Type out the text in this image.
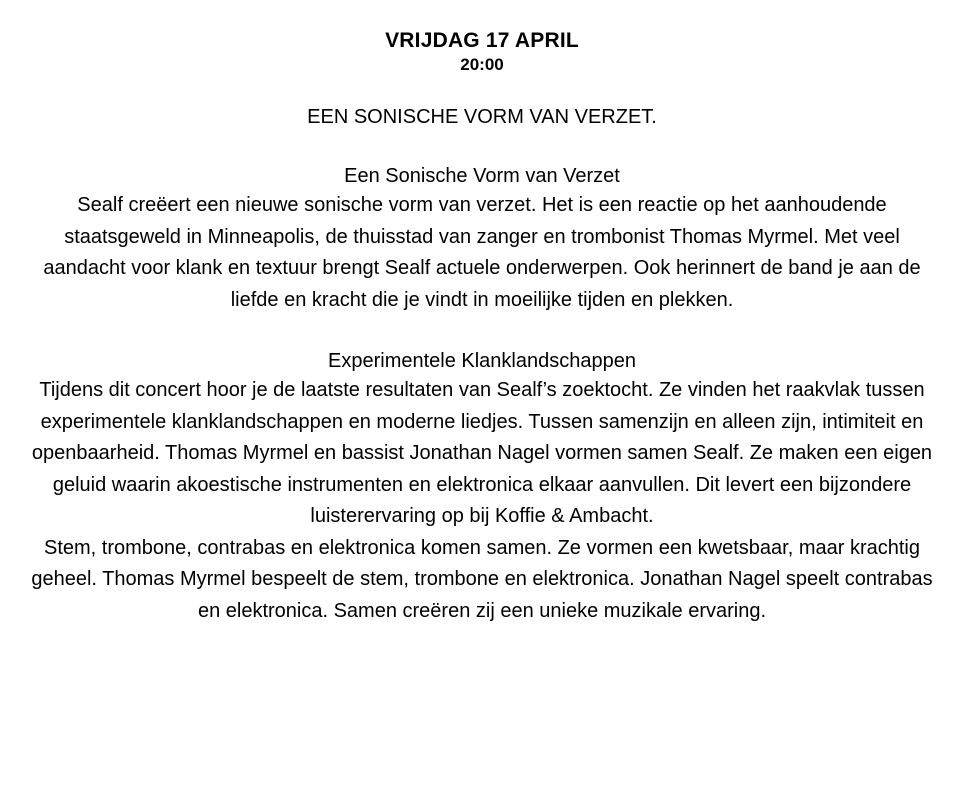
VRIJDAG 17 APRIL
20:00
EEN SONISCHE VORM VAN VERZET.
Een Sonische Vorm van Verzet

Sealf creëert een nieuwe sonische vorm van verzet. Het is een reactie op het aanhoudende staatsgeweld in Minneapolis, de thuisstad van zanger en trombonist Thomas Myrmel. Met veel aandacht voor klank en textuur brengt Sealf actuele onderwerpen. Ook herinnert de band je aan de liefde en kracht die je vindt in moeilijke tijden en plekken.

Experimentele Klanklandschappen

Tijdens dit concert hoor je de laatste resultaten van Sealf’s zoektocht. Ze vinden het raakvlak tussen experimentele klanklandschappen en moderne liedjes. Tussen samenzijn en alleen zijn, intimiteit en openbaarheid. Thomas Myrmel en bassist Jonathan Nagel vormen samen Sealf. Ze maken een eigen geluid waarin akoestische instrumenten en elektronica elkaar aanvullen. Dit levert een bijzondere luisterervaring op bij Koffie & Ambacht.

Stem, trombone, contrabas en elektronica komen samen. Ze vormen een kwetsbaar, maar krachtig geheel. Thomas Myrmel bespeelt de stem, trombone en elektronica. Jonathan Nagel speelt contrabas en elektronica. Samen creëren zij een unieke muzikale ervaring.
